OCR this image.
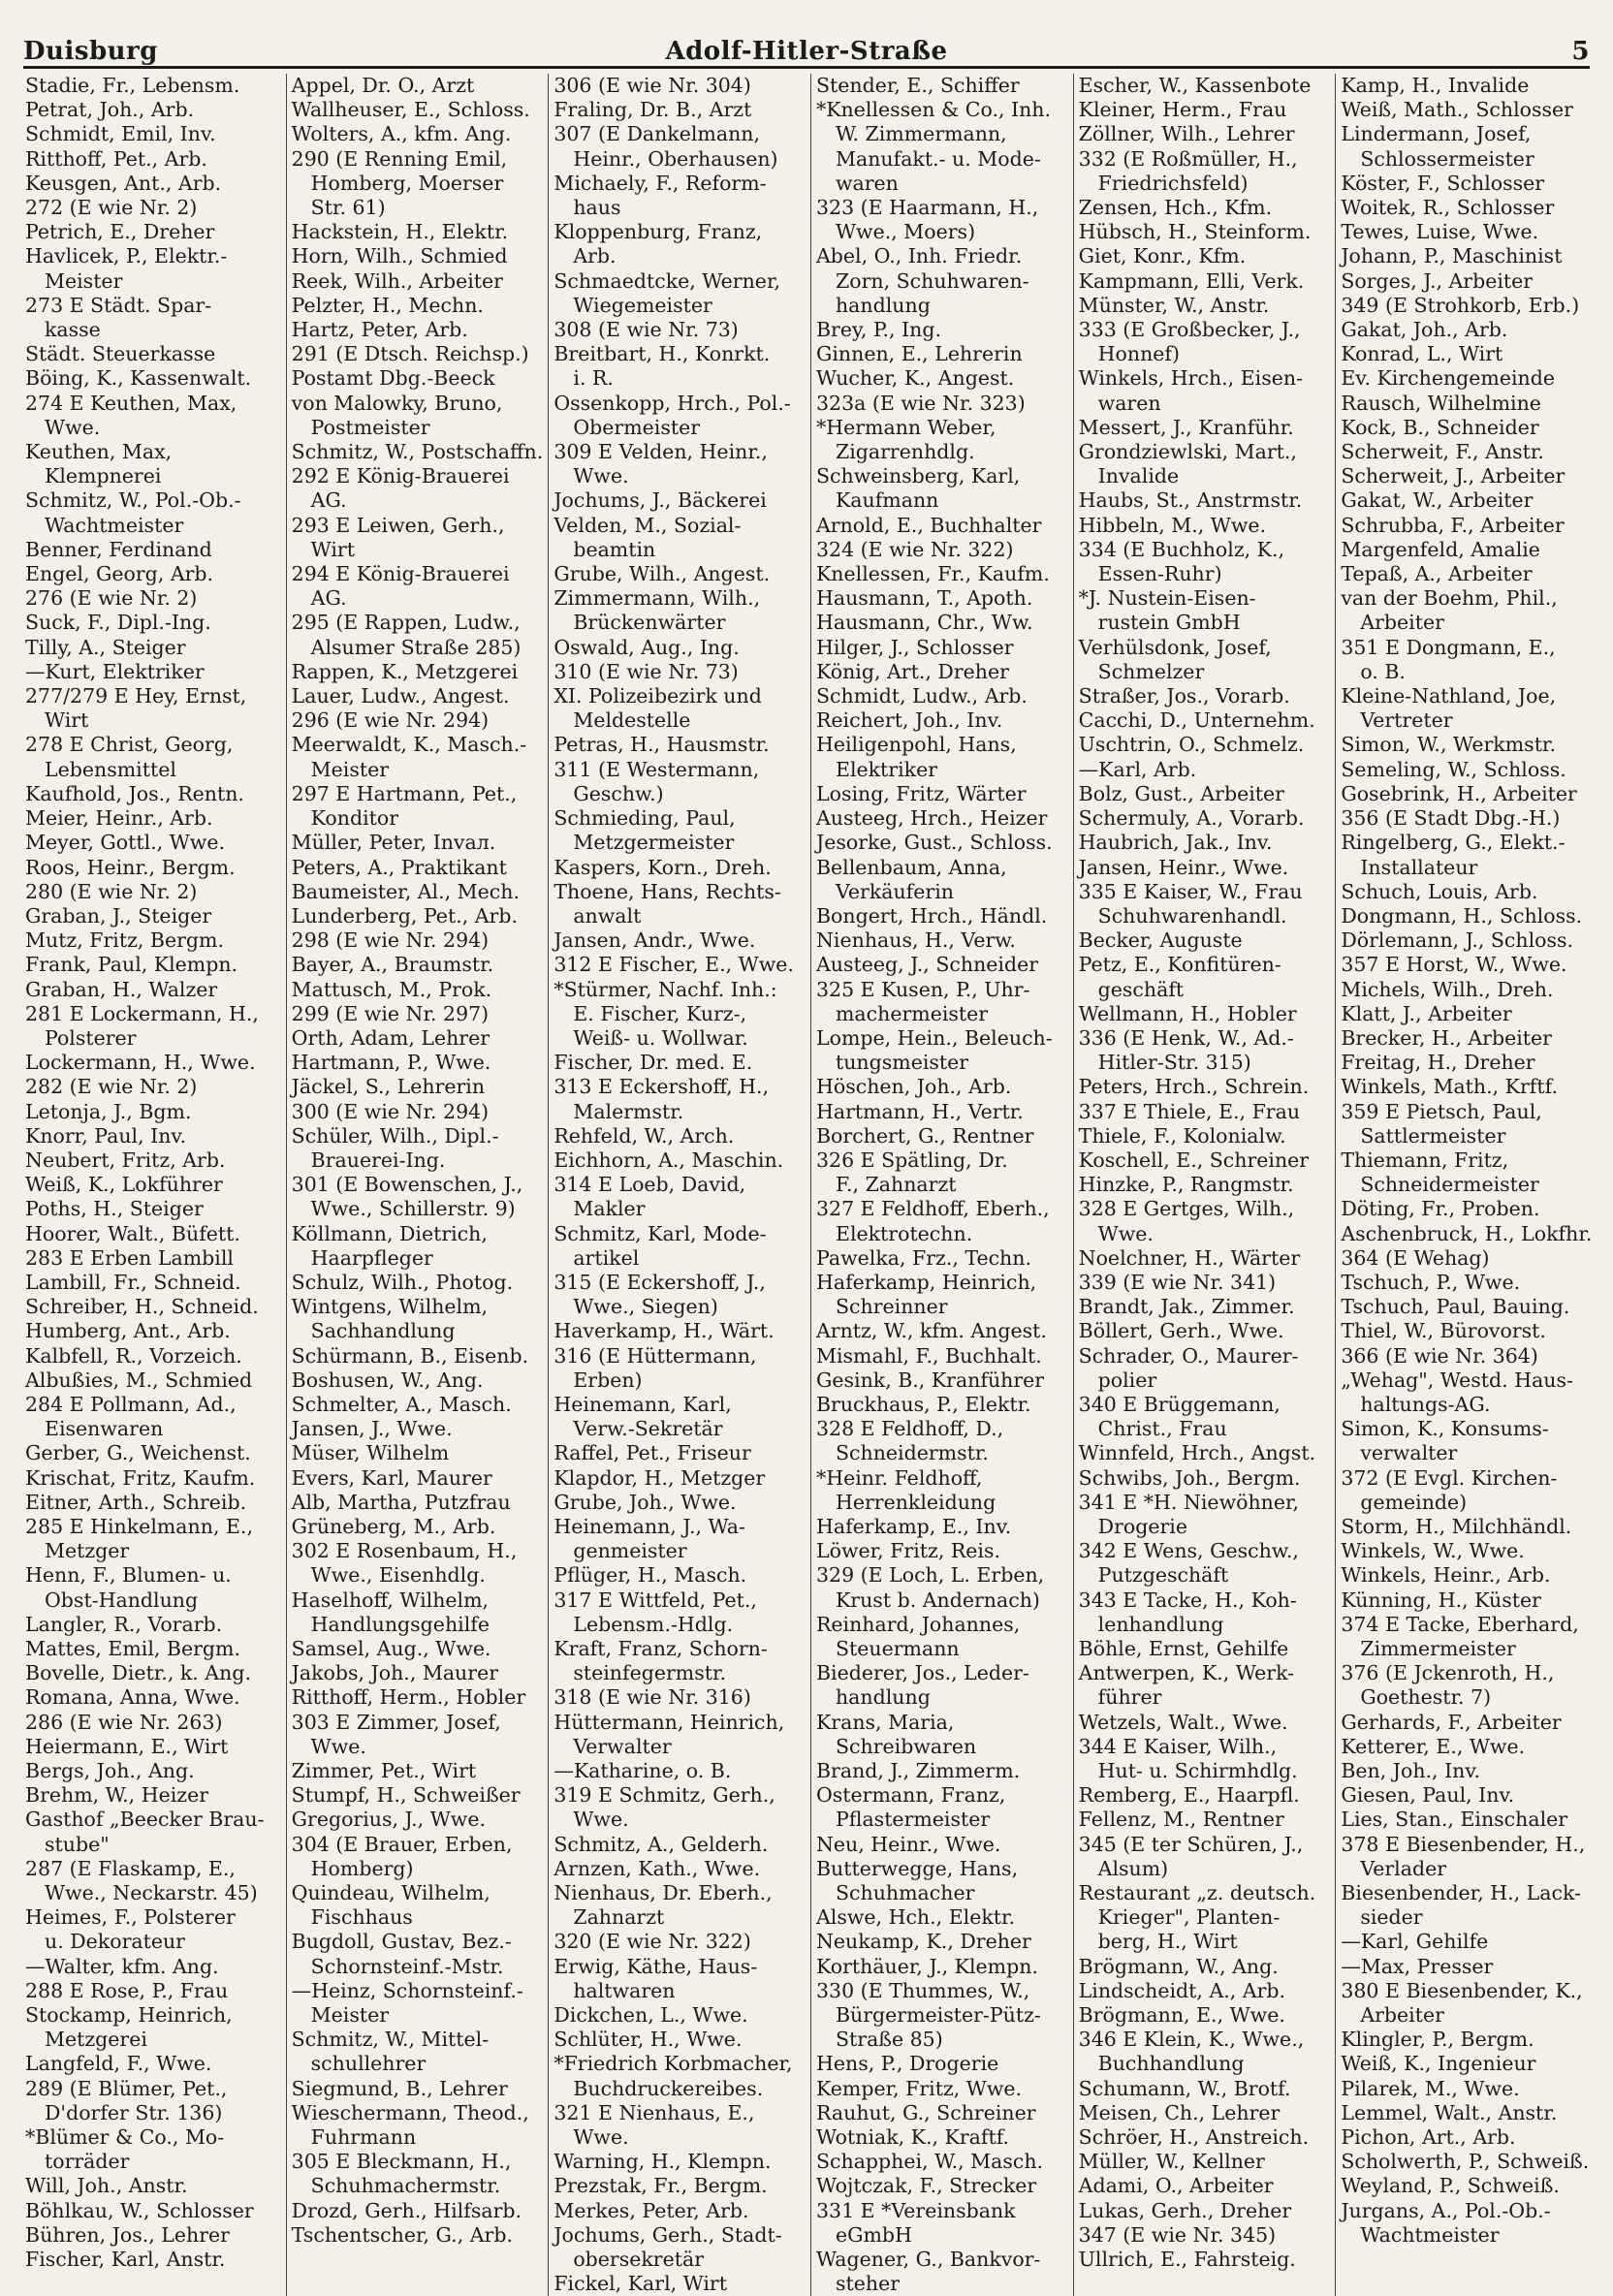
Duisburg	Adolf-Hitler-Straße	5
Stadie, Fr., Lebensm.
Petrat, Joh., Arb.
Schmidt, Emil, Inv.
Ritthoff, Pet., Arb.
Keusgen, Ant., Arb.
272 (E wie Nr. 2)
Petrich, E., Dreher
Havlicek, P., Elektr.-
Meister
273 E Städt. Spar-
kasse
Städt. Steuerkasse
Böing, K., Kassenwalt.
274 E Keuthen, Max,
Wwe.
Keuthen, Max,
Klempnerei
Schmitz, W., Pol.-Ob.-
Wachtmeister
Benner, Ferdinand
Engel, Georg, Arb.
276 (E wie Nr. 2)
Suck, F., Dipl.-Ing.
Tilly, A., Steiger
—Kurt, Elektriker
277/279 E Hey, Ernst,
Wirt
278 E Christ, Georg,
Lebensmittel
Kaufhold, Jos., Rentn.
Meier, Heinr., Arb.
Meyer, Gottl., Wwe.
Roos, Heinr., Bergm.
280 (E wie Nr. 2)
Graban, J., Steiger
Mutz, Fritz, Bergm.
Frank, Paul, Klempn.
Graban, H., Walzer
281 E Lockermann, H.,
Polsterer
Lockermann, H., Wwe.
282 (E wie Nr. 2)
Letonja, J., Bgm.
Knorr, Paul, Inv.
Neubert, Fritz, Arb.
Weiß, K., Lokführer
Poths, H., Steiger
Hoorer, Walt., Büfett.
283 E Erben Lambill
Lambill, Fr., Schneid.
Schreiber, H., Schneid.
Humberg, Ant., Arb.
Kalbfell, R., Vorzeich.
Albußies, M., Schmied
284 E Pollmann, Ad.,
Eisenwaren
Gerber, G., Weichenst.
Krischat, Fritz, Kaufm.
Eitner, Arth., Schreib.
285 E Hinkelmann, E.,
Metzger
Henn, F., Blumen- u.
Obst-Handlung
Langler, R., Vorarb.
Mattes, Emil, Bergm.
Bovelle, Dietr., k. Ang.
Romana, Anna, Wwe.
286 (E wie Nr. 263)
Heiermann, E., Wirt
Bergs, Joh., Ang.
Brehm, W., Heizer
Gasthof „Beecker Brau-
stube"
287 (E Flaskamp, E.,
Wwe., Neckarstr. 45)
Heimes, F., Polsterer
u. Dekorateur
—Walter, kfm. Ang.
288 E Rose, P., Frau
Stockamp, Heinrich,
Metzgerei
Langfeld, F., Wwe.
289 (E Blümer, Pet.,
D'dorfer Str. 136)
*Blümer & Co., Mo-
torräder
Will, Joh., Anstr.
Böhlkau, W., Schlosser
Bühren, Jos., Lehrer
Fischer, Karl, Anstr.
Appel, Dr. O., Arzt
Wallheuser, E., Schloss.
Wolters, A., kfm. Ang.
290 (E Renning Emil,
Homberg, Moerser
Str. 61)
Hackstein, H., Elektr.
Horn, Wilh., Schmied
Reek, Wilh., Arbeiter
Pelzter, H., Mechn.
Hartz, Peter, Arb.
291 (E Dtsch. Reichsp.)
Postamt Dbg.-Beeck
von Malowky, Bruno,
Postmeister
Schmitz, W., Postschaffn.
292 E König-Brauerei
AG.
293 E Leiwen, Gerh.,
Wirt
294 E König-Brauerei
AG.
295 (E Rappen, Ludw.,
Alsumer Straße 285)
Rappen, K., Metzgerei
Lauer, Ludw., Angest.
296 (E wie Nr. 294)
Meerwaldt, K., Masch.-
Meister
297 E Hartmann, Pet.,
Konditor
Müller, Peter, Invaл.
Peters, A., Praktikant
Baumeister, Al., Mech.
Lunderberg, Pet., Arb.
298 (E wie Nr. 294)
Bayer, A., Braumstr.
Mattusch, M., Prok.
299 (E wie Nr. 297)
Orth, Adam, Lehrer
Hartmann, P., Wwe.
Jäckel, S., Lehrerin
300 (E wie Nr. 294)
Schüler, Wilh., Dipl.-
Brauerei-Ing.
301 (E Bowenschen, J.,
Wwe., Schillerstr. 9)
Köllmann, Dietrich,
Haarpfleger
Schulz, Wilh., Photog.
Wintgens, Wilhelm,
Sachhandlung
Schürmann, B., Eisenb.
Boshusen, W., Ang.
Schmelter, A., Masch.
Jansen, J., Wwe.
Müser, Wilhelm
Evers, Karl, Maurer
Alb, Martha, Putzfrau
Grüneberg, M., Arb.
302 E Rosenbaum, H.,
Wwe., Eisenhdlg.
Haselhoff, Wilhelm,
Handlungsgehilfe
Samsel, Aug., Wwe.
Jakobs, Joh., Maurer
Ritthoff, Herm., Hobler
303 E Zimmer, Josef,
Wwe.
Zimmer, Pet., Wirt
Stumpf, H., Schweißer
Gregorius, J., Wwe.
304 (E Brauer, Erben,
Homberg)
Quindeau, Wilhelm,
Fischhaus
Bugdoll, Gustav, Bez.-
Schornsteinf.-Mstr.
—Heinz, Schornsteinf.-
Meister
Schmitz, W., Mittel-
schullehrer
Siegmund, B., Lehrer
Wieschermann, Theod.,
Fuhrmann
305 E Bleckmann, H.,
Schuhmachermstr.
Drozd, Gerh., Hilfsarb.
Tschentscher, G., Arb.
306 (E wie Nr. 304)
Fraling, Dr. B., Arzt
307 (E Dankelmann,
Heinr., Oberhausen)
Michaely, F., Reform-
haus
Kloppenburg, Franz,
Arb.
Schmaedtcke, Werner,
Wiegemeister
308 (E wie Nr. 73)
Breitbart, H., Konrkt.
i. R.
Ossenkopp, Hrch., Pol.-
Obermeister
309 E Velden, Heinr.,
Wwe.
Jochums, J., Bäckerei
Velden, M., Sozial-
beamtin
Grube, Wilh., Angest.
Zimmermann, Wilh.,
Brückenwärter
Oswald, Aug., Ing.
310 (E wie Nr. 73)
XI. Polizeibezirk und
Meldestelle
Petras, H., Hausmstr.
311 (E Westermann,
Geschw.)
Schmieding, Paul,
Metzgermeister
Kaspers, Korn., Dreh.
Thoene, Hans, Rechts-
anwalt
Jansen, Andr., Wwe.
312 E Fischer, E., Wwe.
*Stürmer, Nachf. Inh.:
E. Fischer, Kurz-,
Weiß- u. Wollwar.
Fischer, Dr. med. E.
313 E Eckershoff, H.,
Malermstr.
Rehfeld, W., Arch.
Eichhorn, A., Maschin.
314 E Loeb, David,
Makler
Schmitz, Karl, Mode-
artikel
315 (E Eckershoff, J.,
Wwe., Siegen)
Haverkamp, H., Wärt.
316 (E Hüttermann,
Erben)
Heinemann, Karl,
Verw.-Sekretär
Raffel, Pet., Friseur
Klapdor, H., Metzger
Grube, Joh., Wwe.
Heinemann, J., Wa-
genmeister
Pflüger, H., Masch.
317 E Wittfeld, Pet.,
Lebensm.-Hdlg.
Kraft, Franz, Schorn-
steinfegermstr.
318 (E wie Nr. 316)
Hüttermann, Heinrich,
Verwalter
—Katharine, o. B.
319 E Schmitz, Gerh.,
Wwe.
Schmitz, A., Gelderh.
Arnzen, Kath., Wwe.
Nienhaus, Dr. Eberh.,
Zahnarzt
320 (E wie Nr. 322)
Erwig, Käthe, Haus-
haltwaren
Dickchen, L., Wwe.
Schlüter, H., Wwe.
*Friedrich Korbmacher,
Buchdruckereibes.
321 E Nienhaus, E.,
Wwe.
Warning, H., Klempn.
Prezstak, Fr., Bergm.
Merkes, Peter, Arb.
Jochums, Gerh., Stadt-
obersekretär
Fickel, Karl, Wirt
Stender, E., Schiffer
*Knellessen & Co., Inh.
W. Zimmermann,
Manufakt.- u. Mode-
waren
323 (E Haarmann, H.,
Wwe., Moers)
Abel, O., Inh. Friedr.
Zorn, Schuhwaren-
handlung
Brey, P., Ing.
Ginnen, E., Lehrerin
Wucher, K., Angest.
323a (E wie Nr. 323)
*Hermann Weber,
Zigarrenhdlg.
Schweinsberg, Karl,
Kaufmann
Arnold, E., Buchhalter
324 (E wie Nr. 322)
Knellessen, Fr., Kaufm.
Hausmann, T., Apoth.
Hausmann, Chr., Ww.
Hilger, J., Schlosser
König, Art., Dreher
Schmidt, Ludw., Arb.
Reichert, Joh., Inv.
Heiligenpohl, Hans,
Elektriker
Losing, Fritz, Wärter
Austeeg, Hrch., Heizer
Jesorke, Gust., Schloss.
Bellenbaum, Anna,
Verkäuferin
Bongert, Hrch., Händl.
Nienhaus, H., Verw.
Austeeg, J., Schneider
325 E Kusen, P., Uhr-
machermeister
Lompe, Hein., Beleuch-
tungsmeister
Höschen, Joh., Arb.
Hartmann, H., Vertr.
Borchert, G., Rentner
326 E Spätling, Dr.
F., Zahnarzt
327 E Feldhoff, Eberh.,
Elektrotechn.
Pawelka, Frz., Techn.
Haferkamp, Heinrich,
Schreinner
Arntz, W., kfm. Angest.
Mismahl, F., Buchhalt.
Gesink, B., Kranführer
Bruckhaus, P., Elektr.
328 E Feldhoff, D.,
Schneidermstr.
*Heinr. Feldhoff,
Herrenkleidung
Haferkamp, E., Inv.
Löwer, Fritz, Reis.
329 (E Loch, L. Erben,
Krust b. Andernach)
Reinhard, Johannes,
Steuermann
Biederer, Jos., Leder-
handlung
Krans, Maria,
Schreibwaren
Brand, J., Zimmerm.
Ostermann, Franz,
Pflastermeister
Neu, Heinr., Wwe.
Butterwegge, Hans,
Schuhmacher
Alswe, Hch., Elektr.
Neukamp, K., Dreher
Korthäuer, J., Klempn.
330 (E Thummes, W.,
Bürgermeister-Pütz-
Straße 85)
Hens, P., Drogerie
Kemper, Fritz, Wwe.
Rauhut, G., Schreiner
Wotniak, K., Kraftf.
Schapphei, W., Masch.
Wojtczak, F., Strecker
331 E *Vereinsbank
eGmbH
Wagener, G., Bankvor-
steher
Escher, W., Kassenbote
Kleiner, Herm., Frau
Zöllner, Wilh., Lehrer
332 (E Roßmüller, H.,
Friedrichsfeld)
Zensen, Hch., Kfm.
Hübsch, H., Steinform.
Giet, Konr., Kfm.
Kampmann, Elli, Verk.
Münster, W., Anstr.
333 (E Großbecker, J.,
Honnef)
Winkels, Hrch., Eisen-
waren
Messert, J., Kranführ.
Grondziewlski, Mart.,
Invalide
Haubs, St., Anstrmstr.
Hibbeln, M., Wwe.
334 (E Buchholz, K.,
Essen-Ruhr)
*J. Nustein-Eisen-
rustein GmbH
Verhülsdonk, Josef,
Schmelzer
Straßer, Jos., Vorarb.
Cacchi, D., Unternehm.
Uschtrin, O., Schmelz.
—Karl, Arb.
Bolz, Gust., Arbeiter
Schermuly, A., Vorarb.
Haubrich, Jak., Inv.
Jansen, Heinr., Wwe.
335 E Kaiser, W., Frau
Schuhwarenhandl.
Becker, Auguste
Petz, E., Konfitüren-
geschäft
Wellmann, H., Hobler
336 (E Henk, W., Ad.-
Hitler-Str. 315)
Peters, Hrch., Schrein.
337 E Thiele, E., Frau
Thiele, F., Kolonialw.
Koschell, E., Schreiner
Hinzke, P., Rangmstr.
328 E Gertges, Wilh.,
Wwe.
Noelchner, H., Wärter
339 (E wie Nr. 341)
Brandt, Jak., Zimmer.
Böllert, Gerh., Wwe.
Schrader, O., Maurer-
polier
340 E Brüggemann,
Christ., Frau
Winnfeld, Hrch., Angst.
Schwibs, Joh., Bergm.
341 E *H. Niewöhner,
Drogerie
342 E Wens, Geschw.,
Putzgeschäft
343 E Tacke, H., Koh-
lenhandlung
Böhle, Ernst, Gehilfe
Antwerpen, K., Werk-
führer
Wetzels, Walt., Wwe.
344 E Kaiser, Wilh.,
Hut- u. Schirmhdlg.
Remberg, E., Haarpfl.
Fellenz, M., Rentner
345 (E ter Schüren, J.,
Alsum)
Restaurant „z. deutsch.
Krieger", Planten-
berg, H., Wirt
Brögmann, W., Ang.
Lindscheidt, A., Arb.
Brögmann, E., Wwe.
346 E Klein, K., Wwe.,
Buchhandlung
Schumann, W., Brotf.
Meisen, Ch., Lehrer
Schröer, H., Anstreich.
Müller, W., Kellner
Adami, O., Arbeiter
Lukas, Gerh., Dreher
347 (E wie Nr. 345)
Ullrich, E., Fahrsteig.
Kamp, H., Invalide
Weiß, Math., Schlosser
Lindermann, Josef,
Schlossermeister
Köster, F., Schlosser
Woitek, R., Schlosser
Tewes, Luise, Wwe.
Johann, P., Maschinist
Sorges, J., Arbeiter
349 (E Strohkorb, Erb.)
Gakat, Joh., Arb.
Konrad, L., Wirt
Ev. Kirchengemeinde
Rausch, Wilhelmine
Kock, B., Schneider
Scherweit, F., Anstr.
Scherweit, J., Arbeiter
Gakat, W., Arbeiter
Schrubba, F., Arbeiter
Margenfeld, Amalie
Tepaß, A., Arbeiter
van der Boehm, Phil.,
Arbeiter
351 E Dongmann, E.,
o. B.
Kleine-Nathland, Joe,
Vertreter
Simon, W., Werkmstr.
Semeling, W., Schloss.
Gosebrink, H., Arbeiter
356 (E Stadt Dbg.-H.)
Ringelberg, G., Elekt.-
Installateur
Schuch, Louis, Arb.
Dongmann, H., Schloss.
Dörlemann, J., Schloss.
357 E Horst, W., Wwe.
Michels, Wilh., Dreh.
Klatt, J., Arbeiter
Brecker, H., Arbeiter
Freitag, H., Dreher
Winkels, Math., Krftf.
359 E Pietsch, Paul,
Sattlermeister
Thiemann, Fritz,
Schneidermeister
Döting, Fr., Proben.
Aschenbruck, H., Lokfhr.
364 (E Wehag)
Tschuch, P., Wwe.
Tschuch, Paul, Bauing.
Thiel, W., Bürovorst.
366 (E wie Nr. 364)
„Wehag", Westd. Haus-
haltungs-AG.
Simon, K., Konsums-
verwalter
372 (E Evgl. Kirchen-
gemeinde)
Storm, H., Milchhändl.
Winkels, W., Wwe.
Winkels, Heinr., Arb.
Künning, H., Küster
374 E Tacke, Eberhard,
Zimmermeister
376 (E Jckenroth, H.,
Goethestr. 7)
Gerhards, F., Arbeiter
Ketterer, E., Wwe.
Ben, Joh., Inv.
Giesen, Paul, Inv.
Lies, Stan., Einschaler
378 E Biesenbender, H.,
Verlader
Biesenbender, H., Lack-
sieder
—Karl, Gehilfe
—Max, Presser
380 E Biesenbender, K.,
Arbeiter
Klingler, P., Bergm.
Weiß, K., Ingenieur
Pilarek, M., Wwe.
Lemmel, Walt., Anstr.
Pichon, Art., Arb.
Scholwerth, P., Schweiß.
Weyland, P., Schweiß.
Jurgans, A., Pol.-Ob.-
Wachtmeister
